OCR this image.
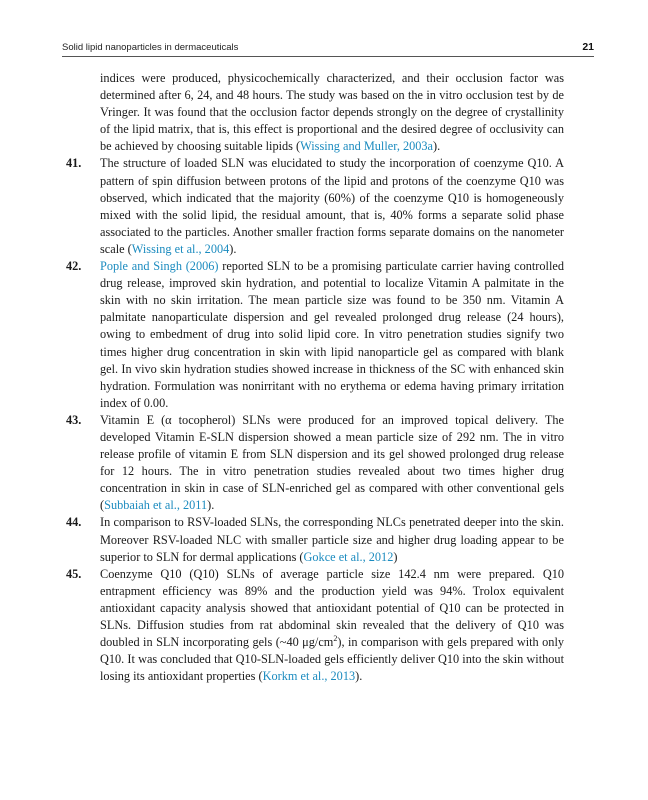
Solid lipid nanoparticles in dermaceuticals	21

indices were produced, physicochemically characterized, and their occlusion factor was determined after 6, 24, and 48 hours. The study was based on the in vitro occlusion test by de Vringer. It was found that the occlusion factor depends strongly on the degree of crystallinity of the lipid matrix, that is, this effect is proportional and the desired degree of occlusivity can be achieved by choosing suitable lipids (Wissing and Muller, 2003a).

41.	The structure of loaded SLN was elucidated to study the incorporation of coenzyme Q10. A pattern of spin diffusion between protons of the lipid and protons of the coenzyme Q10 was observed, which indicated that the majority (60%) of the coenzyme Q10 is homogeneously mixed with the solid lipid, the residual amount, that is, 40% forms a separate solid phase associated to the particles. Another smaller fraction forms separate domains on the nanometer scale (Wissing et al., 2004).

42.	Pople and Singh (2006) reported SLN to be a promising particulate carrier having controlled drug release, improved skin hydration, and potential to localize Vitamin A palmitate in the skin with no skin irritation. The mean particle size was found to be 350 nm. Vitamin A palmitate nanoparticulate dispersion and gel revealed prolonged drug release (24 hours), owing to embedment of drug into solid lipid core. In vitro penetration studies signify two times higher drug concentration in skin with lipid nanoparticle gel as compared with blank gel. In vivo skin hydration studies showed increase in thickness of the SC with enhanced skin hydration. Formulation was nonirritant with no erythema or edema having primary irritation index of 0.00.

43.	Vitamin E (α tocopherol) SLNs were produced for an improved topical delivery. The developed Vitamin E-SLN dispersion showed a mean particle size of 292 nm. The in vitro release profile of vitamin E from SLN dispersion and its gel showed prolonged drug release for 12 hours. The in vitro penetration studies revealed about two times higher drug concentration in skin in case of SLN-enriched gel as compared with other conventional gels (Subbaiah et al., 2011).

44.	In comparison to RSV-loaded SLNs, the corresponding NLCs penetrated deeper into the skin. Moreover RSV-loaded NLC with smaller particle size and higher drug loading appear to be superior to SLN for dermal applications (Gokce et al., 2012)

45.	Coenzyme Q10 (Q10) SLNs of average particle size 142.4 nm were prepared. Q10 entrapment efficiency was 89% and the production yield was 94%. Trolox equivalent antioxidant capacity analysis showed that antioxidant potential of Q10 can be protected in SLNs. Diffusion studies from rat abdominal skin revealed that the delivery of Q10 was doubled in SLN incorporating gels (~40 $\mu g/cm^2$), in comparison with gels prepared with only Q10. It was concluded that Q10-SLN-loaded gels efficiently deliver Q10 into the skin without losing its antioxidant properties (Korkm et al., 2013).
